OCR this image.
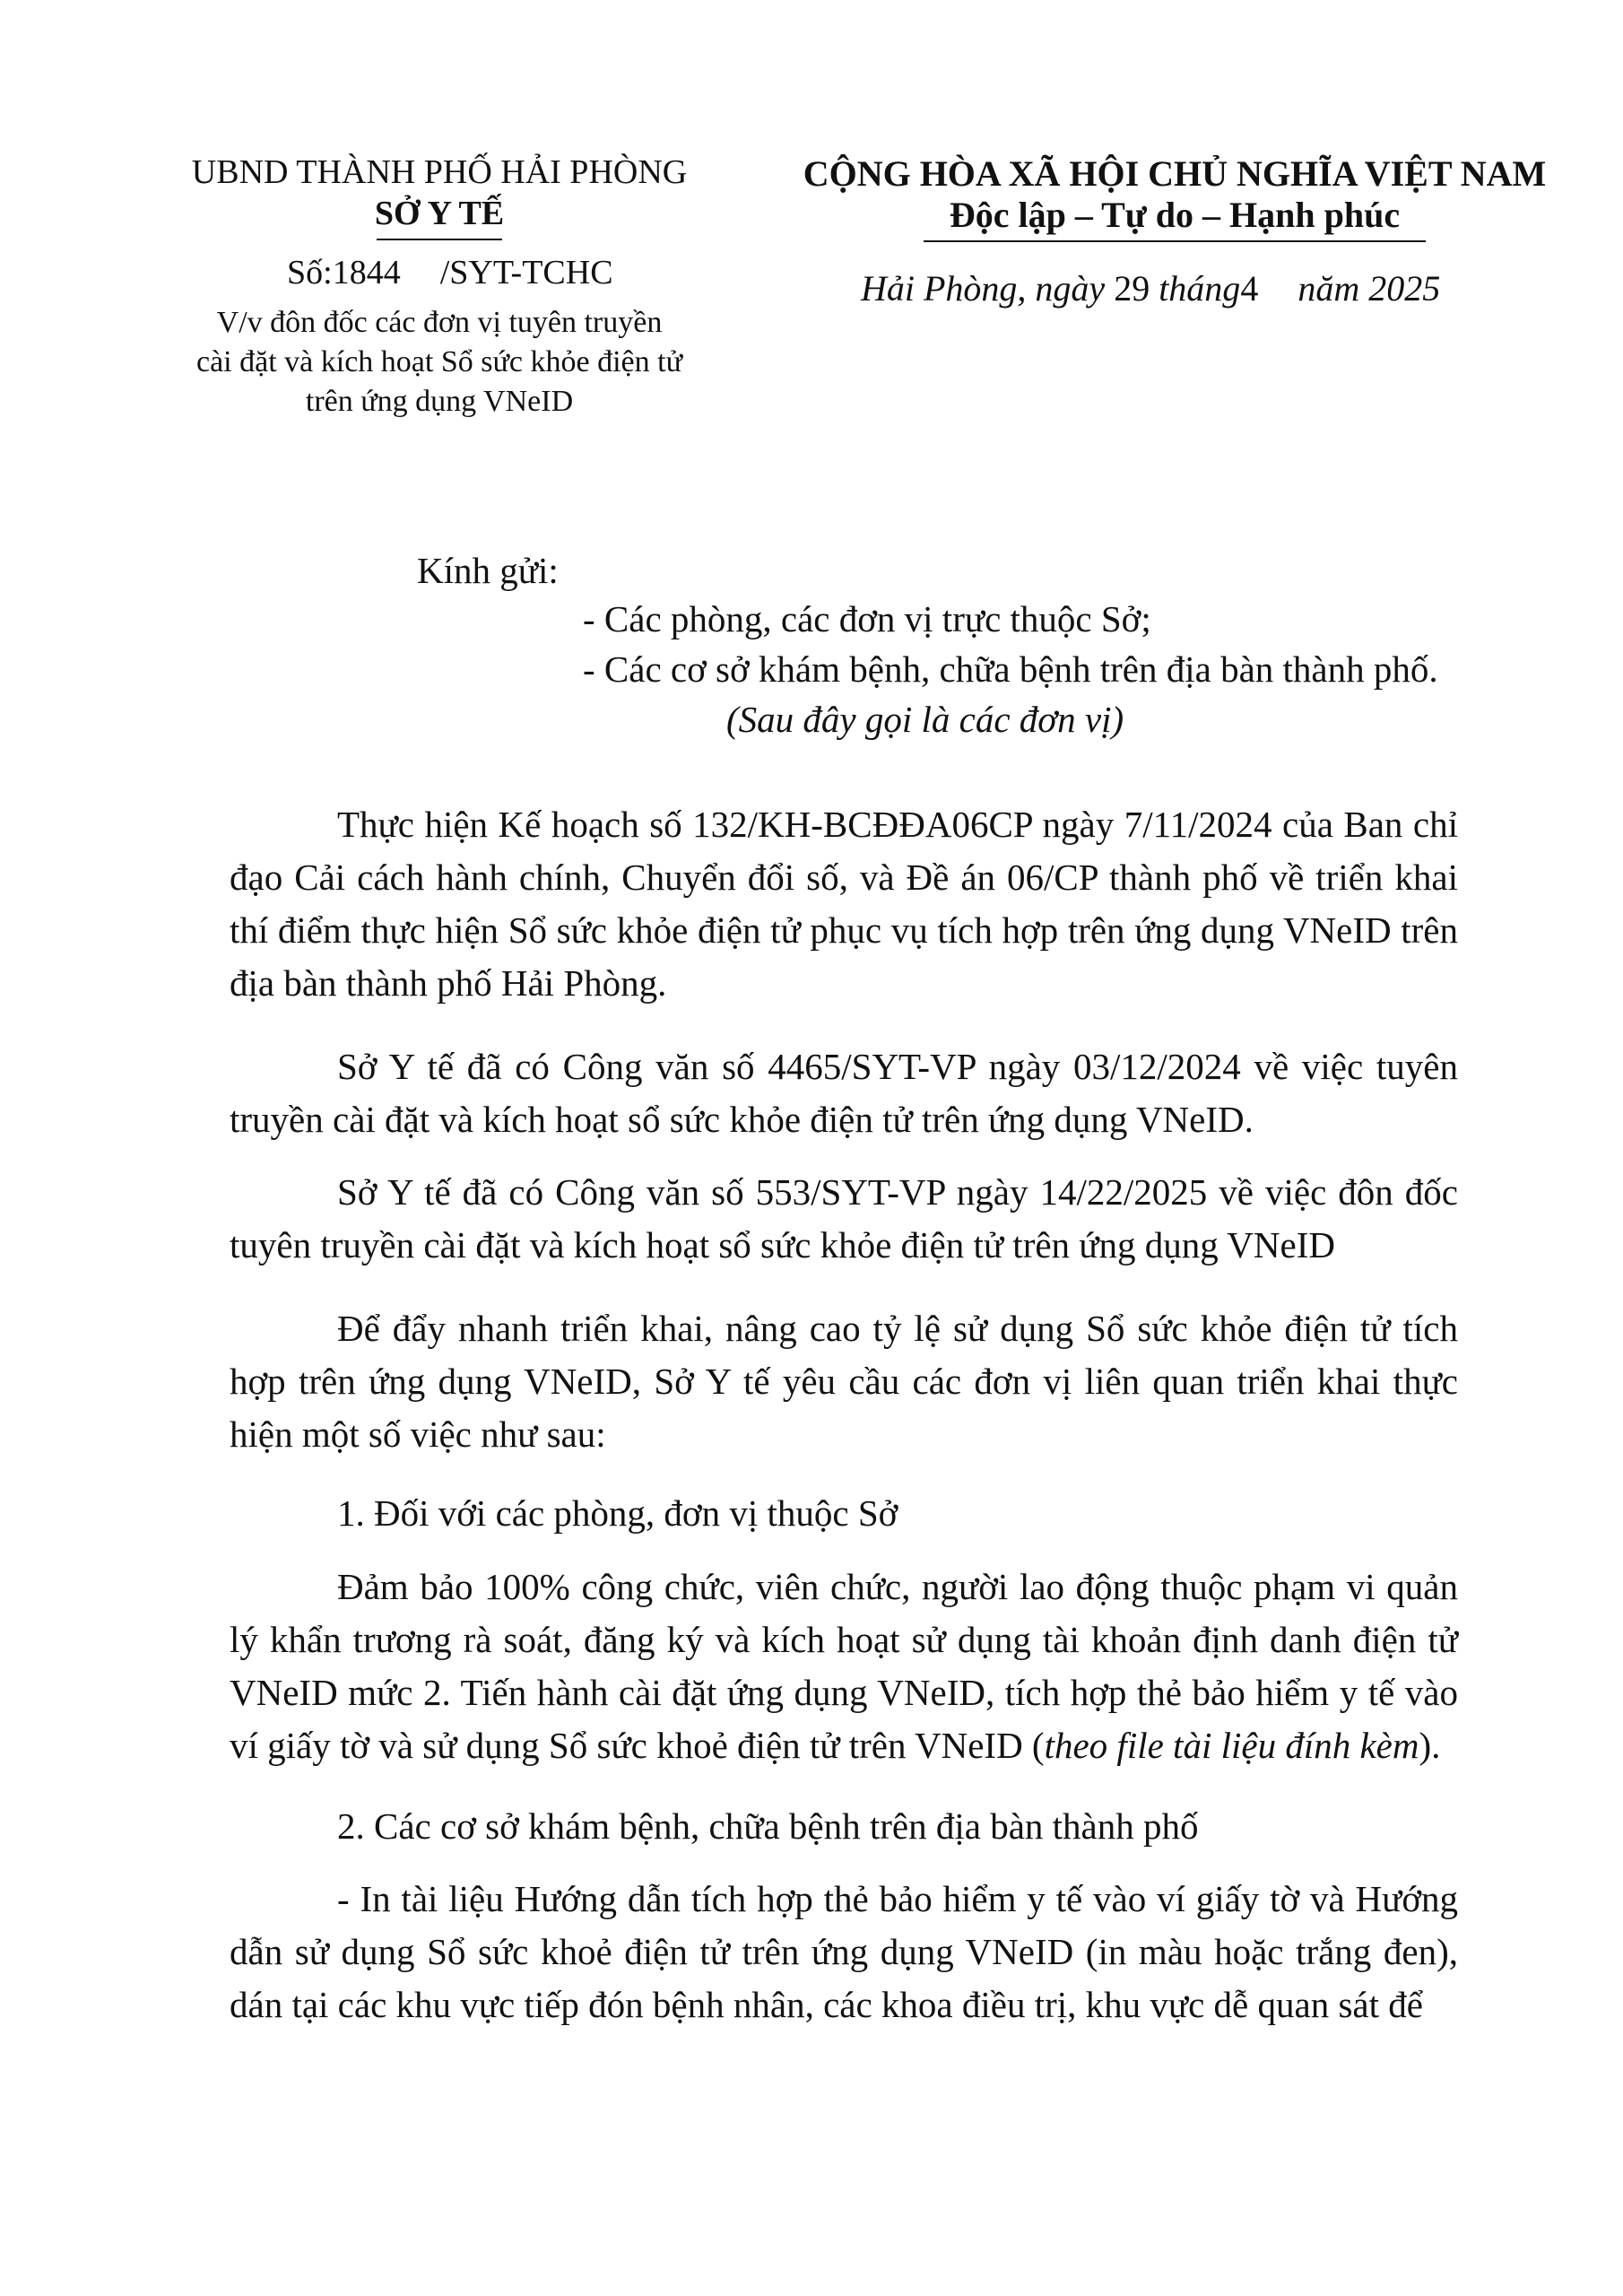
UBND THÀNH PHỐ HẢI PHÒNG
SỞ Y TẾ
Số:1844 /SYT-TCHC
V/v đôn đốc các đơn vị tuyên truyền
cài đặt và kích hoạt Sổ sức khỏe điện tử
trên ứng dụng VNeID
CỘNG HÒA XÃ HỘI CHỦ NGHĨA VIỆT NAM
Độc lập – Tự do – Hạnh phúc
Hải Phòng, ngày 29 tháng4 năm 2025
Kính gửi:
- Các phòng, các đơn vị trực thuộc Sở;
- Các cơ sở khám bệnh, chữa bệnh trên địa bàn thành phố.
(Sau đây gọi là các đơn vị)
Thực hiện Kế hoạch số 132/KH-BCĐĐA06CP ngày 7/11/2024 của Ban chỉ đạo Cải cách hành chính, Chuyển đổi số, và Đề án 06/CP thành phố về triển khai thí điểm thực hiện Sổ sức khỏe điện tử phục vụ tích hợp trên ứng dụng VNeID trên địa bàn thành phố Hải Phòng.
Sở Y tế đã có Công văn số 4465/SYT-VP ngày 03/12/2024 về việc tuyên truyền cài đặt và kích hoạt sổ sức khỏe điện tử trên ứng dụng VNeID.
Sở Y tế đã có Công văn số 553/SYT-VP ngày 14/22/2025 về việc đôn đốc tuyên truyền cài đặt và kích hoạt sổ sức khỏe điện tử trên ứng dụng VNeID
Để đẩy nhanh triển khai, nâng cao tỷ lệ sử dụng Sổ sức khỏe điện tử tích hợp trên ứng dụng VNeID, Sở Y tế yêu cầu các đơn vị liên quan triển khai thực hiện một số việc như sau:
1. Đối với các phòng, đơn vị thuộc Sở
Đảm bảo 100% công chức, viên chức, người lao động thuộc phạm vi quản lý khẩn trương rà soát, đăng ký và kích hoạt sử dụng tài khoản định danh điện tử VNeID mức 2. Tiến hành cài đặt ứng dụng VNeID, tích hợp thẻ bảo hiểm y tế vào ví giấy tờ và sử dụng Sổ sức khoẻ điện tử trên VNeID (theo file tài liệu đính kèm).
2. Các cơ sở khám bệnh, chữa bệnh trên địa bàn thành phố
- In tài liệu Hướng dẫn tích hợp thẻ bảo hiểm y tế vào ví giấy tờ và Hướng dẫn sử dụng Sổ sức khoẻ điện tử trên ứng dụng VNeID (in màu hoặc trắng đen), dán tại các khu vực tiếp đón bệnh nhân, các khoa điều trị, khu vực dễ quan sát để
